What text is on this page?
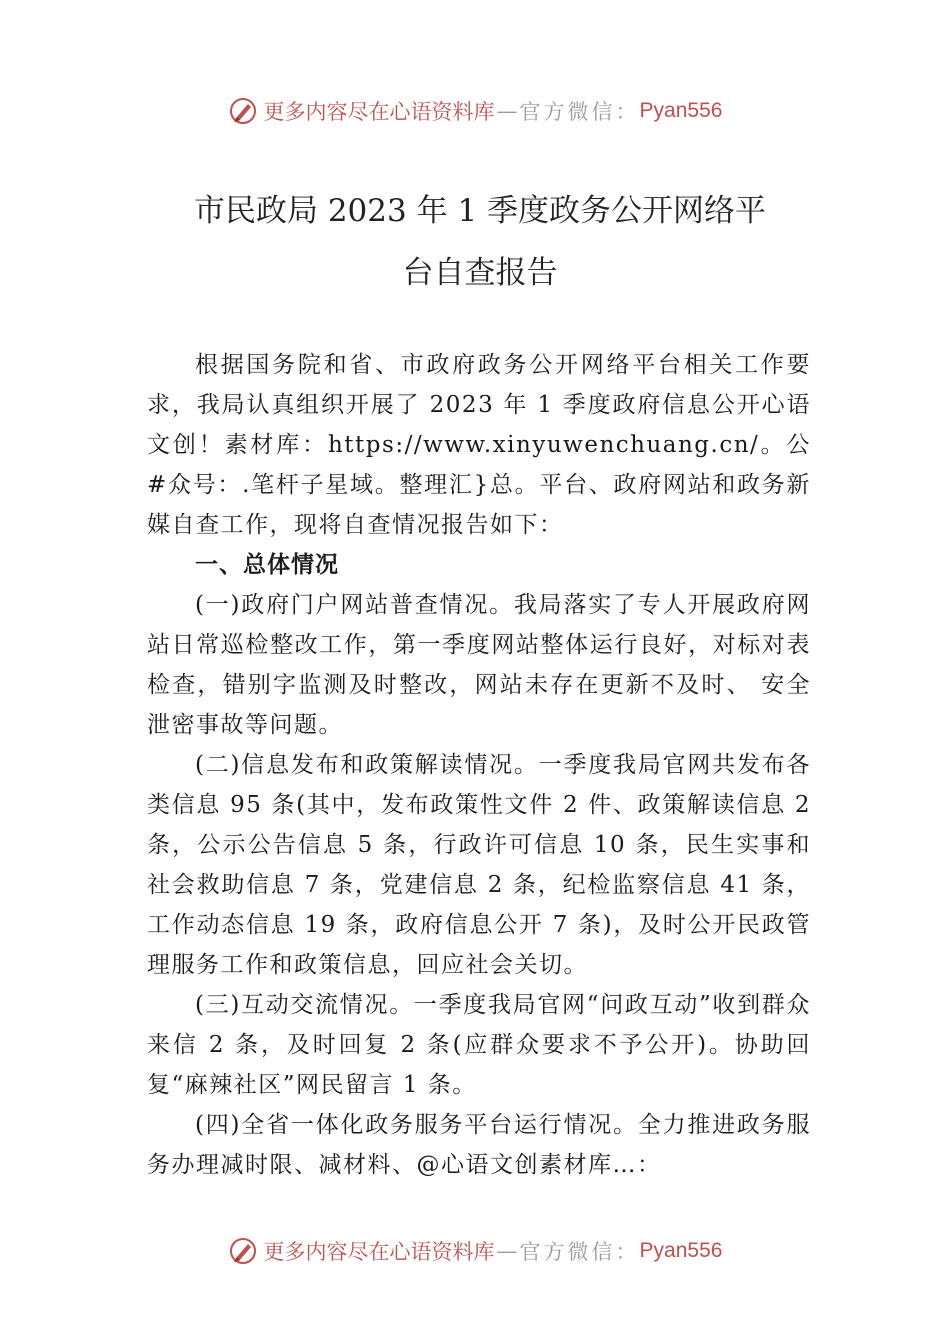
更多内容尽在心语资料库 — 官方微信： Pyan556
市民政局 2023 年 1 季度政务公开网络平
台自查报告

根据国务院和省、市政府政务公开网络平台相关工作要求，我局认真组织开展了 2023 年 1 季度政府信息公开心语文创！素材库：https://www.xinyuwenchuang.cn/。公#众号：.笔杆子星域。整理汇}总。平台、政府网站和政务新媒自查工作，现将自查情况报告如下：

一、总体情况

(一)政府门户网站普查情况。我局落实了专人开展政府网站日常巡检整改工作，第一季度网站整体运行良好，对标对表检查，错别字监测及时整改，网站未存在更新不及时、 安全泄密事故等问题。

(二)信息发布和政策解读情况。一季度我局官网共发布各类信息 95 条(其中，发布政策性文件 2 件、政策解读信息 2 条，公示公告信息 5 条，行政许可信息 10 条，民生实事和社会救助信息 7 条，党建信息 2 条，纪检监察信息 41 条，工作动态信息 19 条，政府信息公开 7 条)，及时公开民政管理服务工作和政策信息，回应社会关切。

(三)互动交流情况。一季度我局官网“问政互动”收到群众来信 2 条，及时回复 2 条(应群众要求不予公开)。协助回复“麻辣社区”网民留言 1 条。

(四)全省一体化政务服务平台运行情况。全力推进政务服务办理减时限、减材料、@心语文创素材库…：

更多内容尽在心语资料库 — 官方微信： Pyan556
